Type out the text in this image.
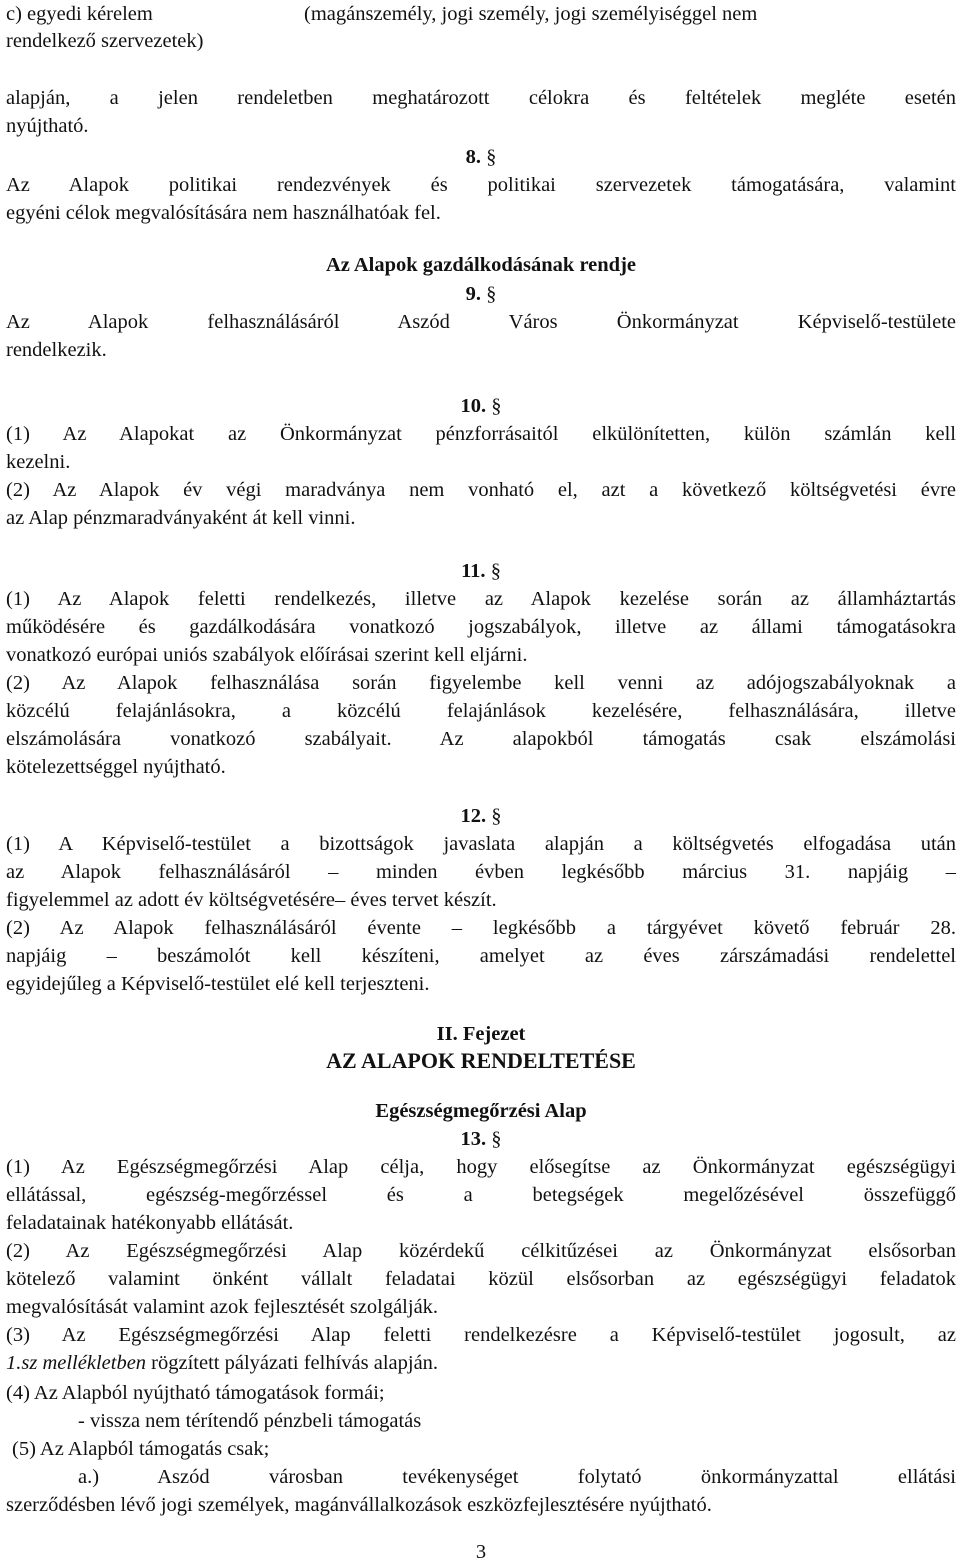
c) egyedi kérelem	(magánszemély, jogi személy, jogi személyiséggel nem
rendelkező szervezetek)
alapján, a jelen rendeletben meghatározott célokra és feltételek megléte esetén
nyújtható.
8. §
Az Alapok politikai rendezvények és politikai szervezetek támogatására, valamint
egyéni célok megvalósítására nem használhatóak fel.
Az Alapok gazdálkodásának rendje
9. §
Az Alapok felhasználásáról Aszód Város Önkormányzat Képviselő-testülete
rendelkezik.
10. §
(1) Az Alapokat az Önkormányzat pénzforrásaitól elkülönítetten, külön számlán kell
kezelni.
(2) Az Alapok év végi maradványa nem vonható el, azt a következő költségvetési évre
az Alap pénzmaradványaként át kell vinni.
11. §
(1) Az Alapok feletti rendelkezés, illetve az Alapok kezelése során az államháztartás
működésére és gazdálkodására vonatkozó jogszabályok, illetve az állami támogatásokra
vonatkozó európai uniós szabályok előírásai szerint kell eljárni.
(2) Az Alapok felhasználása során figyelembe kell venni az adójogszabályoknak a
közcélú felajánlásokra, a közcélú felajánlások kezelésére, felhasználására, illetve
elszámolására vonatkozó szabályait. Az alapokból támogatás csak elszámolási
kötelezettséggel nyújtható.
12. §
(1) A Képviselő-testület a bizottságok javaslata alapján a költségvetés elfogadása után
az Alapok felhasználásáról – minden évben legkésőbb március 31. napjáig –
figyelemmel az adott év költségvetésére– éves tervet készít.
(2) Az Alapok felhasználásáról évente – legkésőbb a tárgyévet követő február 28.
napjáig – beszámolót kell készíteni, amelyet az éves zárszámadási rendelettel
egyidejűleg a Képviselő-testület elé kell terjeszteni.
II. Fejezet
AZ ALAPOK RENDELTETÉSE
Egészségmegőrzési Alap
13. §
(1) Az Egészségmegőrzési Alap célja, hogy elősegítse az Önkormányzat egészségügyi
ellátással, egészség-megőrzéssel és a betegségek megelőzésével összefüggő
feladatainak hatékonyabb ellátását.
(2) Az Egészségmegőrzési Alap közérdekű célkitűzései az Önkormányzat elsősorban
kötelező valamint önként vállalt feladatai közül elsősorban az egészségügyi feladatok
megvalósítását valamint azok fejlesztését szolgálják.
(3) Az Egészségmegőrzési Alap feletti rendelkezésre a Képviselő-testület jogosult, az
1.sz mellékletben rögzített pályázati felhívás alapján.
(4) Az Alapból nyújtható támogatások formái;
- vissza nem térítendő pénzbeli támogatás
(5) Az Alapból támogatás csak;
a.) Aszód városban tevékenységet folytató önkormányzattal ellátási
szerződésben lévő jogi személyek, magánvállalkozások eszközfejlesztésére nyújtható.
3
